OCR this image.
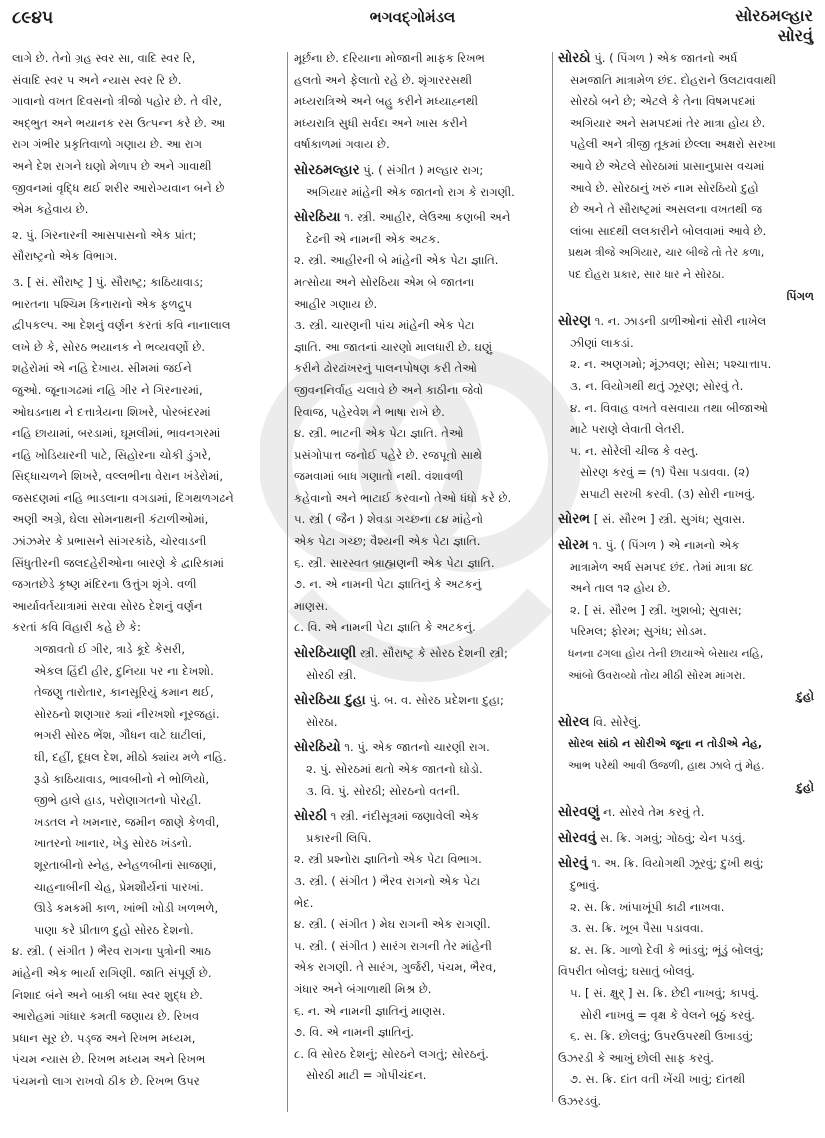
૮૯૪૫	ભગવદ્ગોમંડલ	સોરઠમલ્હાર
સોરવું

લાગે છે. તેનો ગ્રહ સ્વર સા, વાદિ સ્વર રિ,

સંવાદિ સ્વર પ અને ન્યાસ સ્વર રિ છે.

ગાવાનો વખત દિવસનો ત્રીજો પહોર છે. તે વીર,

અદ્ભુત અને ભયાનક રસ ઉત્પન્ન કરે છે. આ

રાગ ગંભીર પ્રકૃતિવાળો ગણાય છે. આ રાગ

અને દેશ રાગને ઘણો મેળાપ છે અને ગાવાથી

જીવનમાં વૃદ્ધિ થઈ શરીર આરોગ્યવાન બને છે

એમ કહેવાય છે.

૨. પું. ગિરનારની આસપાસનો એક પ્રાંત;

સૌરાષ્ટ્રનો એક વિભાગ.

૩. [ સં. સૌરાષ્ટ્ર ] પું. સૌરાષ્ટ્ર; કાઠિયાવાડ;

ભારતના પશ્ચિમ કિનારાનો એક ફળદ્રુપ

દ્વીપકલ્પ. આ દેશનું વર્ણન કરતાં કવિ નાનાલાલ

લખે છે કે, સોરઠ ભયાનક ને ભવ્યવર્ણો છે.

શહેરોમાં એ નહિ દેખાય. સીમમાં જઈને

જુઓ. જૂનાગઢમાં નહિ ગીર ને ગિરનારમાં,

ઓઘડનાથ ને દત્તાત્રેયના શિખરે, પોરબંદરમાં

નહિ છાયામાં, બરડામાં, ઘૂમલીમાં, ભાવનગરમાં

નહિ ખોડિયારની પાટે, સિહોરના ચોકી ડુંગરે,

સિદ્ધાચળને શિખરે, વલ્લભીના વેરાન ખંડેરોમાં,

જસદણમાં નહિ ભાડલાના વગડામાં, દિગથળગઢને

અણી અગ્રે, ઘેલા સોમનાથની કંટાળીઓમાં,

ઝાંઝમેર કે પ્રભાસને સાંગરકાંઠે, ચોરવાડની

સિંધુતીરની જલદહેરીઓના બારણે કે દ્વારિકામાં

જગતછેડે કૃષ્ણ મંદિરના ઉત્તુંગ શૃંગે. વળી

આર્યાવર્તયાત્રામાં સરવા સોરઠ દેશનું વર્ણન

કરતાં કવિ વિહારી કહે છે કે:

ગજાવતો ઈ ગીર, ત્રાડે કૂદે કેસરી,

એકલ હિંદી હીર, દુનિયા પર ના દેખશો.

તેજણુ તારોતાર, કાનસૂરિયું કમાન થઈ,

સોરઠનો શણગાર ક્યાં નીરખશો નૂરજહાં.

ભગરી સોરઠ ભેંશ, ગૌધન વાટે ઘાટીલાં,

ઘી, દહીં, દૂધલ દેશ, મીઠો ક્યાંય મળે નહિ.

રૂડો કાઠિયાવાડ, ભાવબીનો ને ભોળિયો,

જીભે હાલે હાડ, પરોણાગતનો પોરહી.

ખડતલ ને ખમનાર, જમીન જાણે કેળવી,

ખાતરનો ખાનાર, ખેડુ સોરઠ ખંડનો.

શૂરતાબીનો સ્નેહ, સ્નેહળબીનાં સાજણાં,

ચાહનાબીની ચેહ, પ્રેમશૌર્યનાં પારખાં.

ઊડે કમકમી કાળ, ખાંભી ખોડી ખળભળે,

પાણા કરે પ્રીતાળ દુહો સોરઠ દેશનો.

૪. સ્ત્રી. ( સંગીત ) ભૈરવ રાગના પુત્રોની આઠ

માંહેની એક ભાર્યા રાગિણી. જાતિ સંપૂર્ણ છે.

નિશાદ બંને અને બાકી બધા સ્વર શુદ્ધ છે.

આરોહમાં ગાંધાર કમતી જણાય છે. રિખવ

પ્રધાન સૂર છે. પડ્જ અને રિખભ મધ્યમ,

પંચમ ન્યાસ છે. રિખભ મધ્યમ અને રિખભ

પંચમનો લાગ રાખવો ઠીક છે. રિખભ ઉપર

મૂર્છના છે. દરિયાના મોજાની માફક રિખભ

હલતો અને ફેલાતો રહે છે. શૃંગારરસથી

મધ્યરાત્રિએ અને બહુ કરીને મધ્યાહ્નથી

મધ્યરાત્રિ સુધી સર્વદા અને ખાસ કરીને

વર્ષાકાળમાં ગવાય છે.

સોરઠમલ્હાર પું. ( સંગીત ) મલ્હાર રાગ;

અગિયાર માંહેની એક જાતનો રાગ કે રાગણી.

સોરઠિયા ૧. સ્ત્રી. આહીર, લેઉઆ કણબી અને

દેઢની એ નામની એક અટક.

૨. સ્ત્રી. આહીરની બે માંહેની એક પેટા જ્ઞાતિ.

મત્સોયા અને સોરઠિયા એમ બે જાતના

આહીર ગણાય છે.

૩. સ્ત્રી. ચારણની પાંચ માંહેની એક પેટા

જ્ઞાતિ. આ જાતનાં ચારણો માલધારી છે. ઘણું

કરીને ઢોરઢાંખરનું પાલનપોષણ કરી તેઓ

જીવનનિર્વાહ ચલાવે છે અને કાઠીના જેવો

રિવાજ, પહેરવેશ ને ભાષા રાખે છે.

૪. સ્ત્રી. ભાટની એક પેટા જ્ઞાતિ. તેઓ

પ્રસંગોપાત્ત જનોઈ પહેરે છે. રજપૂતો સાથે

જમવામાં બાધ ગણાતો નથી. વંશાવળી

કહેવાનો અને ભાટાઈ કરવાનો તેઓ ધંધો કરે છે.

૫. સ્ત્રી ( જૈન ) શેવડા ગચ્છના ૮૪ માંહેનો

એક પેટા ગચ્છ; વૈશ્યની એક પેટા જ્ઞાતિ.

૬. સ્ત્રી. સારસ્વત બ્રાહ્મણની એક પેટા જ્ઞાતિ.

૭. ન. એ નામની પેટા જ્ઞાતિનું કે અટકનું

માણસ.

૮. વિ. એ નામની પેટા જ્ઞાતિ કે અટકનું.

સોરઠિયાણી સ્ત્રી. સૌરાષ્ટ્ર કે સોરઠ દેશની સ્ત્રી;

સોરઠી સ્ત્રી.

સોરઠિયા દુહા પું. બ. વ. સોરઠ પ્રદેશના દુહા;

સોરઠા.

સોરઠિયો ૧. પું. એક જાતનો ચારણી રાગ.

૨. પું. સોરઠમાં થતો એક જાતનો ઘોડો.

૩. વિ. પું. સોરઠી; સોરઠનો વતની.

સોરઠી ૧ સ્ત્રી. નંદીસૂત્રમાં જણાવેલી એક

પ્રકારની લિપિ.

૨. સ્ત્રી પ્રશ્નોરા જ્ઞાતિનો એક પેટા વિભાગ.

૩. સ્ત્રી. ( સંગીત ) ભૈરવ રાગનો એક પેટા

ભેદ.

૪. સ્ત્રી. ( સંગીત ) મેઘ રાગની એક રાગણી.

૫. સ્ત્રી. ( સંગીત ) સારંગ રાગની તેર માંહેની

એક રાગણી. તે સારંગ, ગુર્જરી, પંચમ, ભૈરવ,

ગંધાર અને બંગાળાથી મિશ્ર છે.

૬. ન. એ નામની જ્ઞાતિનું માણસ.

૭. વિ. એ નામની જ્ઞાતિનું.

૮. વિ સોરઠ દેશનું; સોરઠને લગતું; સોરઠનું.

સોરઠી માટી = ગોપીચંદન.

સોરઠો પું. ( પિંગળ ) એક જાતનો અર્ધ

સમજાતિ માત્રામેળ છંદ. દોહરાને ઉલટાવવાથી

સોરઠો બને છે; એટલે કે તેના વિષમપદમાં

અગિયાર અને સમપદમાં તેર માત્રા હોય છે.

પહેલી અને ત્રીજી તૂકમાં છેલ્લા અક્ષરો સરખા

આવે છે એટલે સોરઠામાં પ્રાસાનુપ્રાસ વચમાં

આવે છે. સોરઠાનું ખરું નામ સોરઠિયો દુહો

છે અને તે સૌરાષ્ટ્રમાં અસલના વખતથી જ

લાંબા સાદથી લલકારીને બોલવામાં આવે છે.

પ્રથમ ત્રીજે અગિયાર, ચાર બીજે તો તેર કળા,

પદ દોહરા પ્રકાર, સાર ધાર ને સોરઠા.

પિંગળ

સોરણ ૧. ન. ઝાડની ડાળીઓનાં સોરી નાખેલ

ઝીણાં લાકડાં.

૨. ન. અણગમો; મૂંઝવણ; સોસ; પશ્ચાત્તાપ.

૩. ન. વિયોગથી થતું ઝૂરણ; સોરવું તે.

૪. ન. વિવાહ વખતે વસવાયા તથા બીજાઓ

માટે પરાણે લેવાતી લેતરી.

૫. ન. સોરેલી ચીજ કે વસ્તુ.

સોરણ કરવું = (૧) પૈસા પડાવવા. (૨)

સપાટી સરખી કરવી. (૩) સોરી નાખવું.

સોરભ [ સં. સૌરભ ] સ્ત્રી. સુગંધ; સુવાસ.

સોરમ ૧. પું. ( પિંગળ ) એ નામનો એક

માત્રામેળ અર્ધ સમપદ છંદ. તેમાં માત્રા ૪૮

અને તાલ ૧૨ હોય છે.

૨. [ સં. સૌરભ ] સ્ત્રી. ખુશબો; સુવાસ;

પરિમલ; ફોરમ; સુગંધ; સોડમ.

ધનના ઢગલા હોય તેની છાયાએ બેસાય નહિ,

આંબો ઉવરાવ્યો તોય મીઠી સોરમ માંગરા.

દુહો

સોરલ વિ. સોરેલું.

સોરલ સાંઠો ન સોરીએ જૂના ન તોડીએ નેહ,

આભ પરેથી આવી ઉજળી, હાથ ઝાલે તું મેહ.

દુહો

સોરવણું ન. સોરવે તેમ કરવું તે.

સોરવવું સ. ક્રિ. ગમવું; ગોઠવું; ચેન પડવું.

સોરવું ૧. અ. ક્રિ. વિયોગથી ઝૂરવું; દુખી થવું;

દુભાવું.

૨. સ. ક્રિ. ખાંપાખૂંપી કાઢી નાખવા.

૩. સ. ક્રિ. ખૂબ પૈસા પડાવવા.

૪. સ. ક્રિ. ગાળો દેવી કે ભાંડવું; ભૂંડું બોલવું;

વિપરીત બોલવું; ઘસાતું બોલવું.

૫. [ સં. ક્ષુર્ ] સ. ક્રિ. છેદી નાખવું; કાપવું.

સોરી નાખવું = વૃક્ષ કે વેલને બૂઠું કરવું.

૬. સ. ક્રિ. છોલવું; ઉપરઉપરથી ઉખાડવું;

ઉઝરડી કે આખું છોલી સાફ કરવું.

૭. સ. ક્રિ. દાંત વતી ખેંચી ખાવું; દાંતથી

ઉઝરડવું.
